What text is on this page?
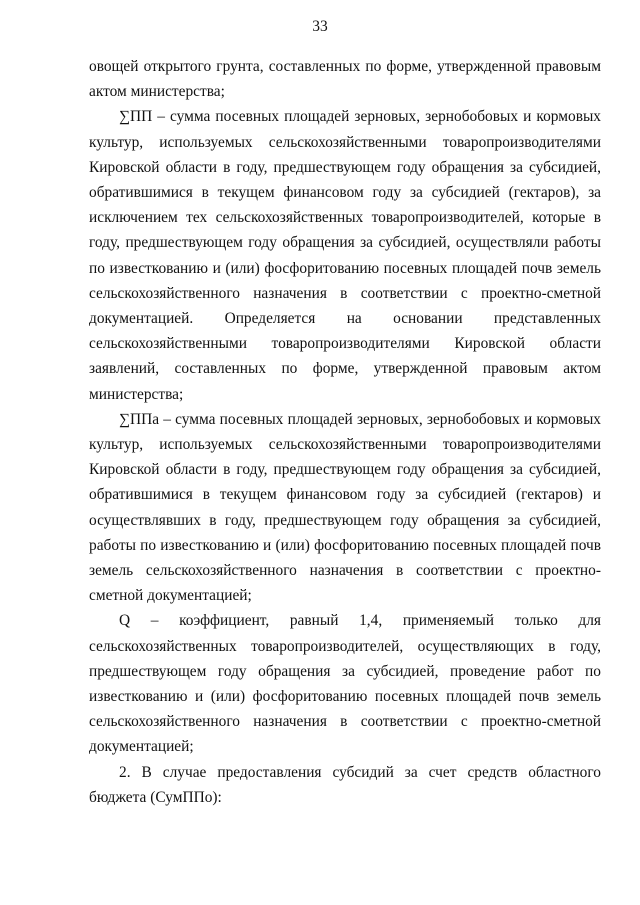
33

овощей открытого грунта, составленных по форме, утвержденной правовым актом министерства;

∑ПП – сумма посевных площадей зерновых, зернобобовых и кормовых культур, используемых сельскохозяйственными товаропроизводителями Кировской области в году, предшествующем году обращения за субсидией, обратившимися в текущем финансовом году за субсидией (гектаров), за исключением тех сельскохозяйственных товаропроизводителей, которые в году, предшествующем году обращения за субсидией, осуществляли работы по известкованию и (или) фосфоритованию посевных площадей почв земель сельскохозяйственного назначения в соответствии с проектно-сметной документацией. Определяется на основании представленных сельскохозяйственными товаропроизводителями Кировской области заявлений, составленных по форме, утвержденной правовым актом министерства;

∑ППа – сумма посевных площадей зерновых, зернобобовых и кормовых культур, используемых сельскохозяйственными товаропроизводителями Кировской области в году, предшествующем году обращения за субсидией, обратившимися в текущем финансовом году за субсидией (гектаров) и осуществлявших в году, предшествующем году обращения за субсидией, работы по известкованию и (или) фосфоритованию посевных площадей почв земель сельскохозяйственного назначения в соответствии с проектно-сметной документацией;

Q – коэффициент, равный 1,4, применяемый только для сельскохозяйственных товаропроизводителей, осуществляющих в году, предшествующем году обращения за субсидией, проведение работ по известкованию и (или) фосфоритованию посевных площадей почв земель сельскохозяйственного назначения в соответствии с проектно-сметной документацией;

2. В случае предоставления субсидий за счет средств областного бюджета (СумППо):
